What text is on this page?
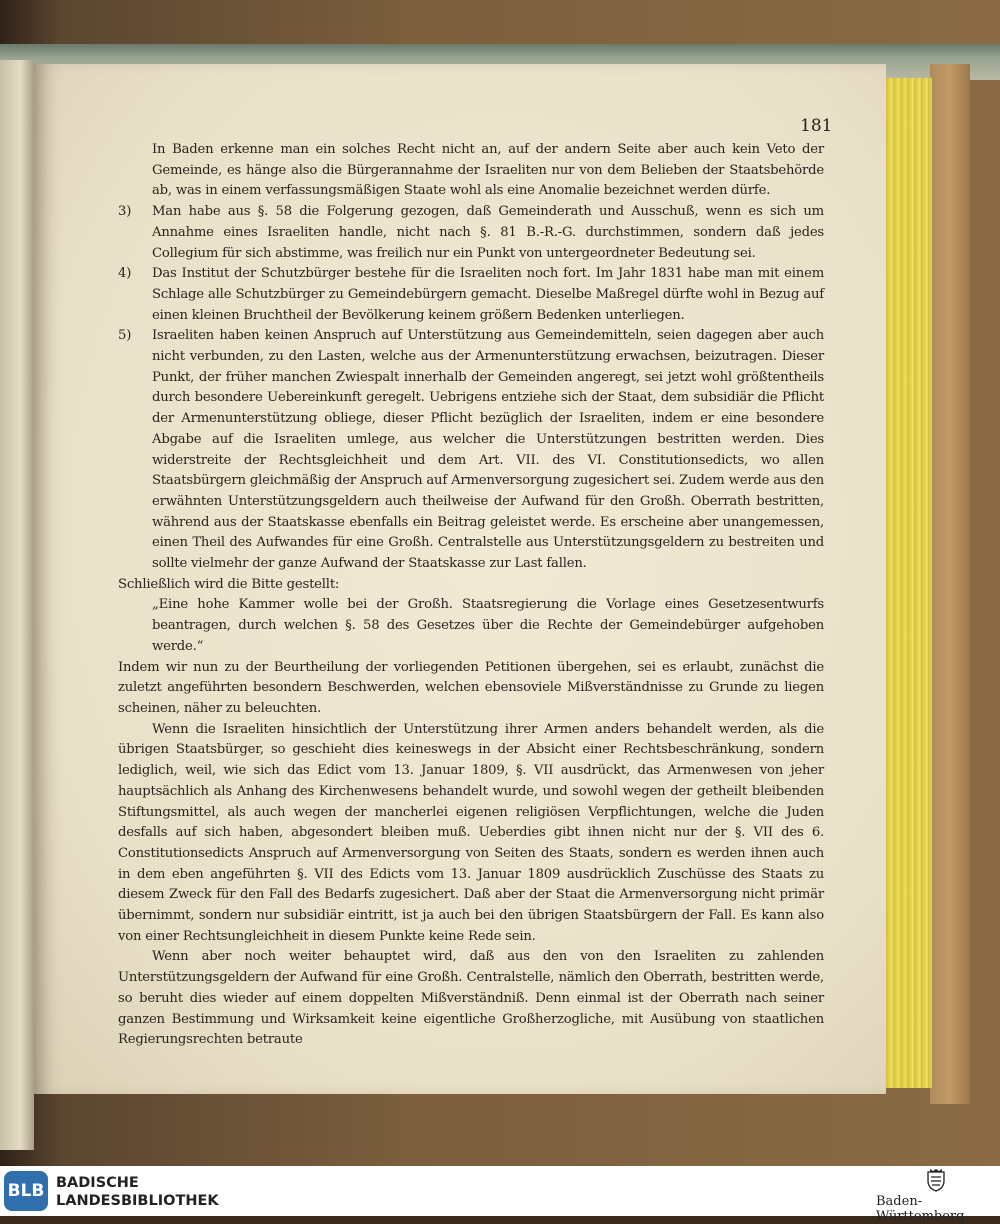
181

In Baden erkenne man ein solches Recht nicht an, auf der andern Seite aber auch kein Veto der Gemeinde, es hänge also die Bürgerannahme der Israeliten nur von dem Belieben der Staatsbehörde ab, was in einem verfassungsmäßigen Staate wohl als eine Anomalie bezeichnet werden dürfe.

3) Man habe aus §. 58 die Folgerung gezogen, daß Gemeinderath und Ausschuß, wenn es sich um Annahme eines Israeliten handle, nicht nach §. 81 B.-R.-G. durchstimmen, sondern daß jedes Collegium für sich abstimme, was freilich nur ein Punkt von untergeordneter Bedeutung sei.
4) Das Institut der Schutzbürger bestehe für die Israeliten noch fort. Im Jahr 1831 habe man mit einem Schlage alle Schutzbürger zu Gemeindebürgern gemacht. Dieselbe Maßregel dürfte wohl in Bezug auf einen kleinen Bruchtheil der Bevölkerung keinem größern Bedenken unterliegen.
5) Israeliten haben keinen Anspruch auf Unterstützung aus Gemeindemitteln, seien dagegen aber auch nicht verbunden, zu den Lasten, welche aus der Armenunterstützung erwachsen, beizutragen. Dieser Punkt, der früher manchen Zwiespalt innerhalb der Gemeinden angeregt, sei jetzt wohl größtentheils durch besondere Uebereinkunft geregelt. Uebrigens entziehe sich der Staat, dem subsidiär die Pflicht der Armenunterstützung obliege, dieser Pflicht bezüglich der Israeliten, indem er eine besondere Abgabe auf die Israeliten umlege, aus welcher die Unterstützungen bestritten werden. Dies widerstreite der Rechtsgleichheit und dem Art. VII. des VI. Constitutionsedicts, wo allen Staatsbürgern gleichmäßig der Anspruch auf Armenversorgung zugesichert sei. Zudem werde aus den erwähnten Unterstützungsgeldern auch theilweise der Aufwand für den Großh. Oberrath bestritten, während aus der Staatskasse ebenfalls ein Beitrag geleistet werde. Es erscheine aber unangemessen, einen Theil des Aufwandes für eine Großh. Centralstelle aus Unterstützungsgeldern zu bestreiten und sollte vielmehr der ganze Aufwand der Staatskasse zur Last fallen.

Schließlich wird die Bitte gestellt:

„Eine hohe Kammer wolle bei der Großh. Staatsregierung die Vorlage eines Gesetzesentwurfs beantragen, durch welchen §. 58 des Gesetzes über die Rechte der Gemeindebürger aufgehoben werde.“

Indem wir nun zu der Beurtheilung der vorliegenden Petitionen übergehen, sei es erlaubt, zunächst die zuletzt angeführten besondern Beschwerden, welchen ebensoviele Mißverständnisse zu Grunde zu liegen scheinen, näher zu beleuchten.

Wenn die Israeliten hinsichtlich der Unterstützung ihrer Armen anders behandelt werden, als die übrigen Staatsbürger, so geschieht dies keineswegs in der Absicht einer Rechtsbeschränkung, sondern lediglich, weil, wie sich das Edict vom 13. Januar 1809, §. VII ausdrückt, das Armenwesen von jeher hauptsächlich als Anhang des Kirchenwesens behandelt wurde, und sowohl wegen der getheilt bleibenden Stiftungsmittel, als auch wegen der mancherlei eigenen religiösen Verpflichtungen, welche die Juden desfalls auf sich haben, abgesondert bleiben muß. Ueberdies gibt ihnen nicht nur der §. VII des 6. Constitutionsedicts Anspruch auf Armenversorgung von Seiten des Staats, sondern es werden ihnen auch in dem eben angeführten §. VII des Edicts vom 13. Januar 1809 ausdrücklich Zuschüsse des Staats zu diesem Zweck für den Fall des Bedarfs zugesichert. Daß aber der Staat die Armenversorgung nicht primär übernimmt, sondern nur subsidiär eintritt, ist ja auch bei den übrigen Staatsbürgern der Fall. Es kann also von einer Rechtsungleichheit in diesem Punkte keine Rede sein.

Wenn aber noch weiter behauptet wird, daß aus den von den Israeliten zu zahlenden Unterstützungsgeldern der Aufwand für eine Großh. Centralstelle, nämlich den Oberrath, bestritten werde, so beruht dies wieder auf einem doppelten Mißverständniß. Denn einmal ist der Oberrath nach seiner ganzen Bestimmung und Wirksamkeit keine eigentliche Großherzogliche, mit Ausübung von staatlichen Regierungsrechten betraute

BLB BADISCHE
LANDESBIBLIOTHEK	Baden-Württemberg
